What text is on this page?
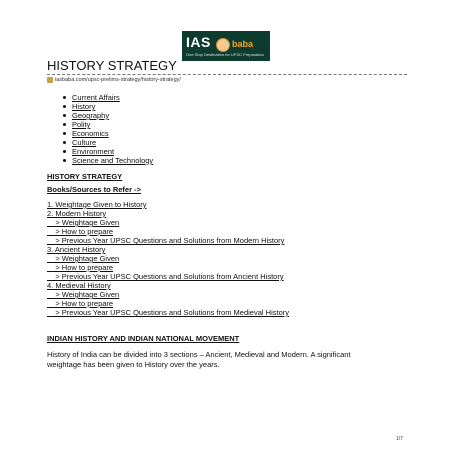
IAS baba
One Stop Destination for UPSC Preparation
HISTORY STRATEGY
iasbaba.com/upsc-prelims-strategy/history-strategy/
Current Affairs
History
Geography
Polity
Economics
Culture
Environment
Science and Technology
HISTORY STRATEGY
Books/Sources to Refer ->
1. Weightage Given to History
2. Modern History
> Weightage Given
> How to prepare
> Previous Year UPSC Questions and Solutions from Modern History
3. Ancient History
> Weightage Given
> How to prepare
> Previous Year UPSC Questions and Solutions from Ancient History
4. Medieval History
> Weightage Given
> How to prepare
> Previous Year UPSC Questions and Solutions from Medieval History
INDIAN HISTORY AND INDIAN NATIONAL MOVEMENT

History of India can be divided into 3 sections – Ancient, Medieval and Modern. A significant weightage has been given to History over the years.

1/7
